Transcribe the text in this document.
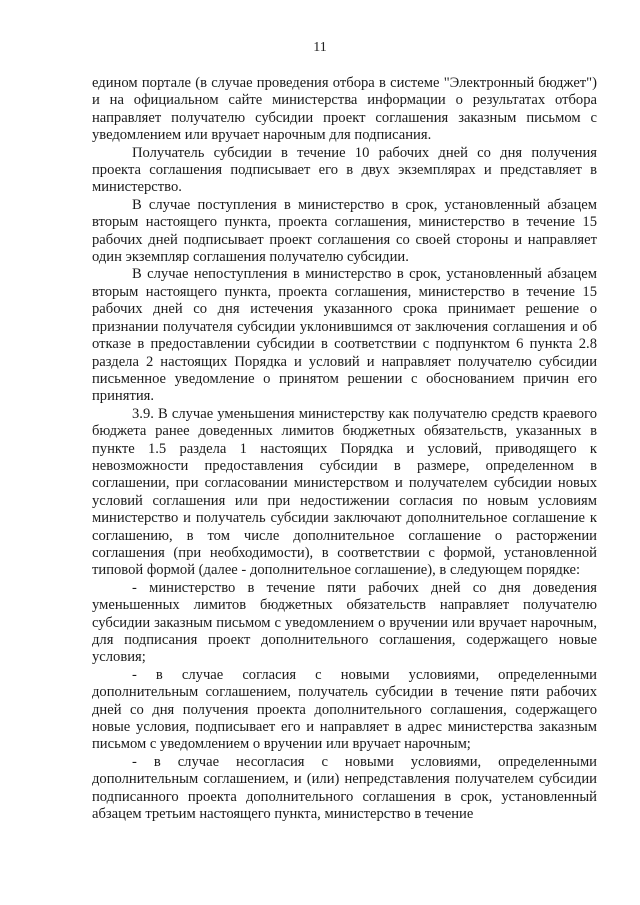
11

едином портале (в случае проведения отбора в системе "Электронный бюджет") и на официальном сайте министерства информации о результатах отбора направляет получателю субсидии проект соглашения заказным письмом с уведомлением или вручает нарочным для подписания.

Получатель субсидии в течение 10 рабочих дней со дня получения проекта соглашения подписывает его в двух экземплярах и представляет в министерство.

В случае поступления в министерство в срок, установленный абзацем вторым настоящего пункта, проекта соглашения, министерство в течение 15 рабочих дней подписывает проект соглашения со своей стороны и направляет один экземпляр соглашения получателю субсидии.

В случае непоступления в министерство в срок, установленный абзацем вторым настоящего пункта, проекта соглашения, министерство в течение 15 рабочих дней со дня истечения указанного срока принимает решение о признании получателя субсидии уклонившимся от заключения соглашения и об отказе в предоставлении субсидии в соответствии с подпунктом 6 пункта 2.8 раздела 2 настоящих Порядка и условий и направляет получателю субсидии письменное уведомление о принятом решении с обоснованием причин его принятия.

3.9. В случае уменьшения министерству как получателю средств краевого бюджета ранее доведенных лимитов бюджетных обязательств, указанных в пункте 1.5 раздела 1 настоящих Порядка и условий, приводящего к невозможности предоставления субсидии в размере, определенном в соглашении, при согласовании министерством и получателем субсидии новых условий соглашения или при недостижении согласия по новым условиям министерство и получатель субсидии заключают дополнительное соглашение к соглашению, в том числе дополнительное соглашение о расторжении соглашения (при необходимости), в соответствии с формой, установленной типовой формой (далее - дополнительное соглашение), в следующем порядке:

- министерство в течение пяти рабочих дней со дня доведения уменьшенных лимитов бюджетных обязательств направляет получателю субсидии заказным письмом с уведомлением о вручении или вручает нарочным, для подписания проект дополнительного соглашения, содержащего новые условия;

- в случае согласия с новыми условиями, определенными дополнительным соглашением, получатель субсидии в течение пяти рабочих дней со дня получения проекта дополнительного соглашения, содержащего новые условия, подписывает его и направляет в адрес министерства заказным письмом с уведомлением о вручении или вручает нарочным;

- в случае несогласия с новыми условиями, определенными дополнительным соглашением, и (или) непредставления получателем субсидии подписанного проекта дополнительного соглашения в срок, установленный абзацем третьим настоящего пункта, министерство в течение
